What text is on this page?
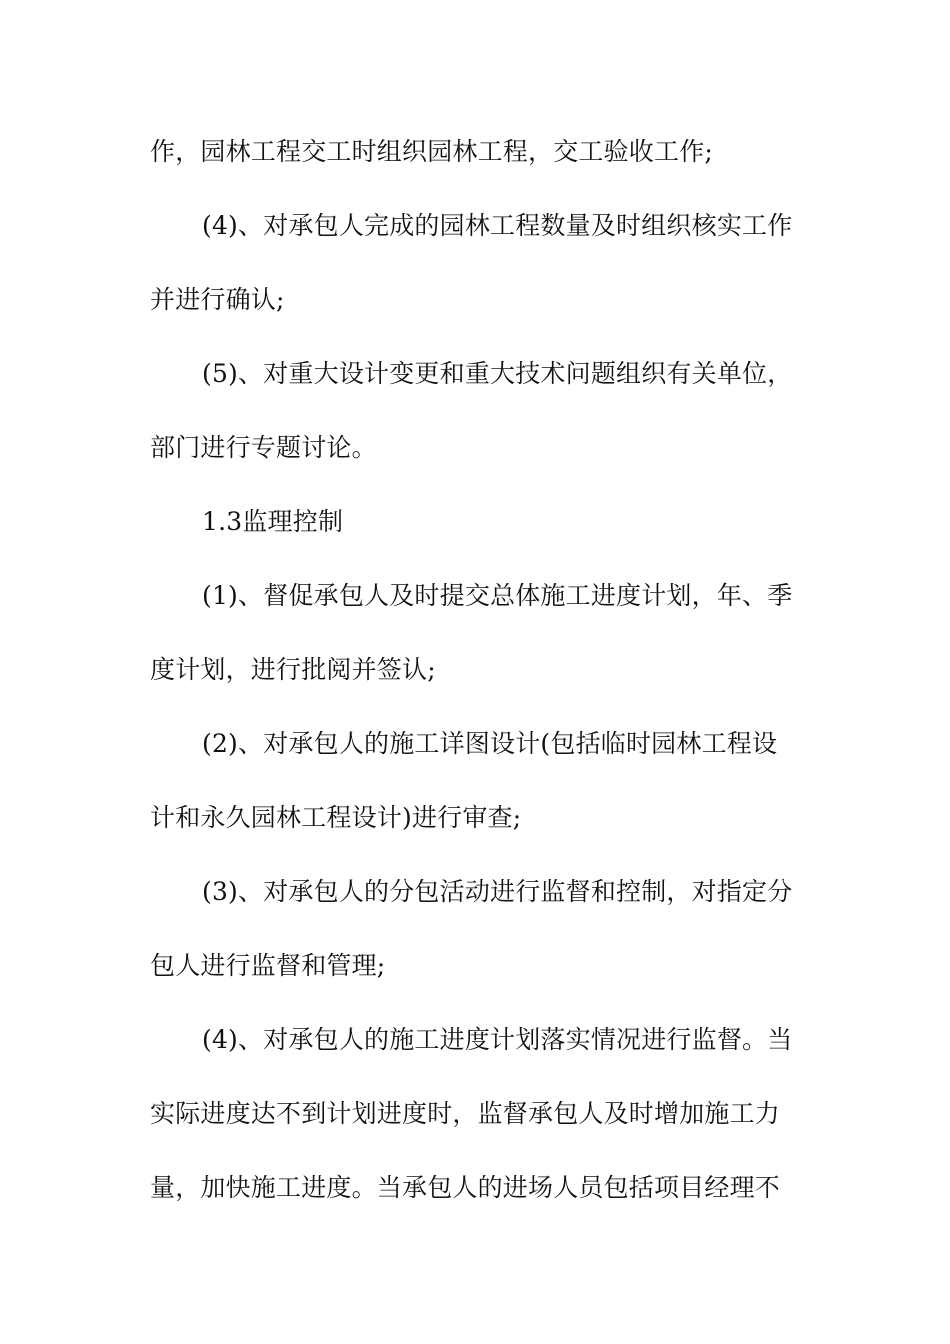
作，园林工程交工时组织园林工程，交工验收工作;
(4)、对承包人完成的园林工程数量及时组织核实工作
并进行确认;
(5)、对重大设计变更和重大技术问题组织有关单位，
部门进行专题讨论。
1.3监理控制
(1)、督促承包人及时提交总体施工进度计划，年、季
度计划，进行批阅并签认;
(2)、对承包人的施工详图设计(包括临时园林工程设
计和永久园林工程设计)进行审查;
(3)、对承包人的分包活动进行监督和控制，对指定分
包人进行监督和管理;
(4)、对承包人的施工进度计划落实情况进行监督。当
实际进度达不到计划进度时，监督承包人及时增加施工力
量，加快施工进度。当承包人的进场人员包括项目经理不
